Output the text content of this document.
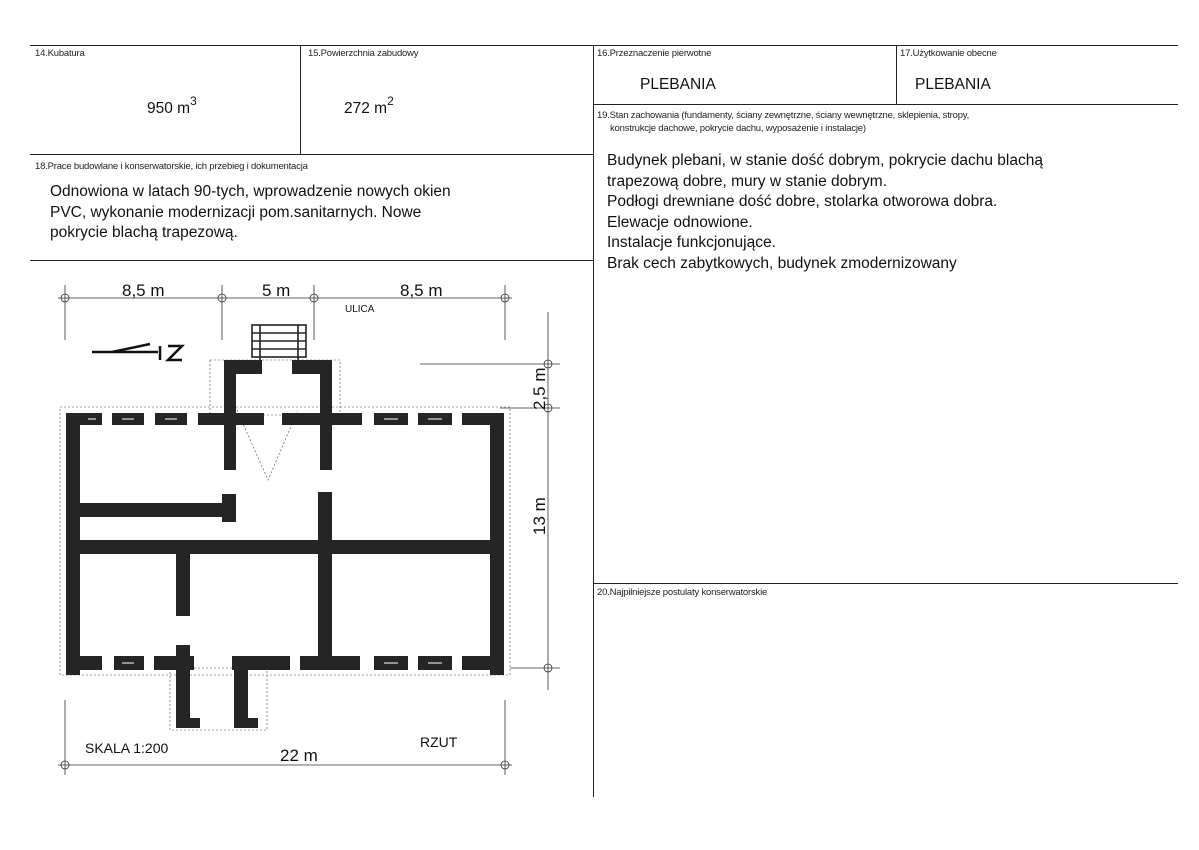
14.Kubatura
950 $m^3$
15.Powierzchnia zabudowy
272 $m^2$
16.Przeznaczenie pierwotne
PLEBANIA
17.Użytkowanie obecne
PLEBANIA
18.Prace budowlane i konserwatorskie, ich przebieg i dokumentacja
Odnowiona w latach 90-tych, wprowadzenie nowych okien
PVC, wykonanie modernizacji pom.sanitarnych. Nowe
pokrycie blachą trapezową.
19.Stan zachowania (fundamenty, ściany zewnętrzne, ściany wewnętrzne, sklepienia, stropy,
konstrukcje dachowe, pokrycie dachu, wyposażenie i instalacje)
Budynek plebani, w stanie dość dobrym, pokrycie dachu blachą
trapezową dobre, mury w stanie dobrym.
Podłogi drewniane dość dobre, stolarka otworowa dobra.
Elewacje odnowione.
Instalacje funkcjonujące.
Brak cech zabytkowych, budynek zmodernizowany
20.Najpilniejsze postulaty konserwatorskie
8,5 m	5 m	8,5 m
ULICA
2,5 m
13 m
22 m
SKALA 1:200	RZUT
